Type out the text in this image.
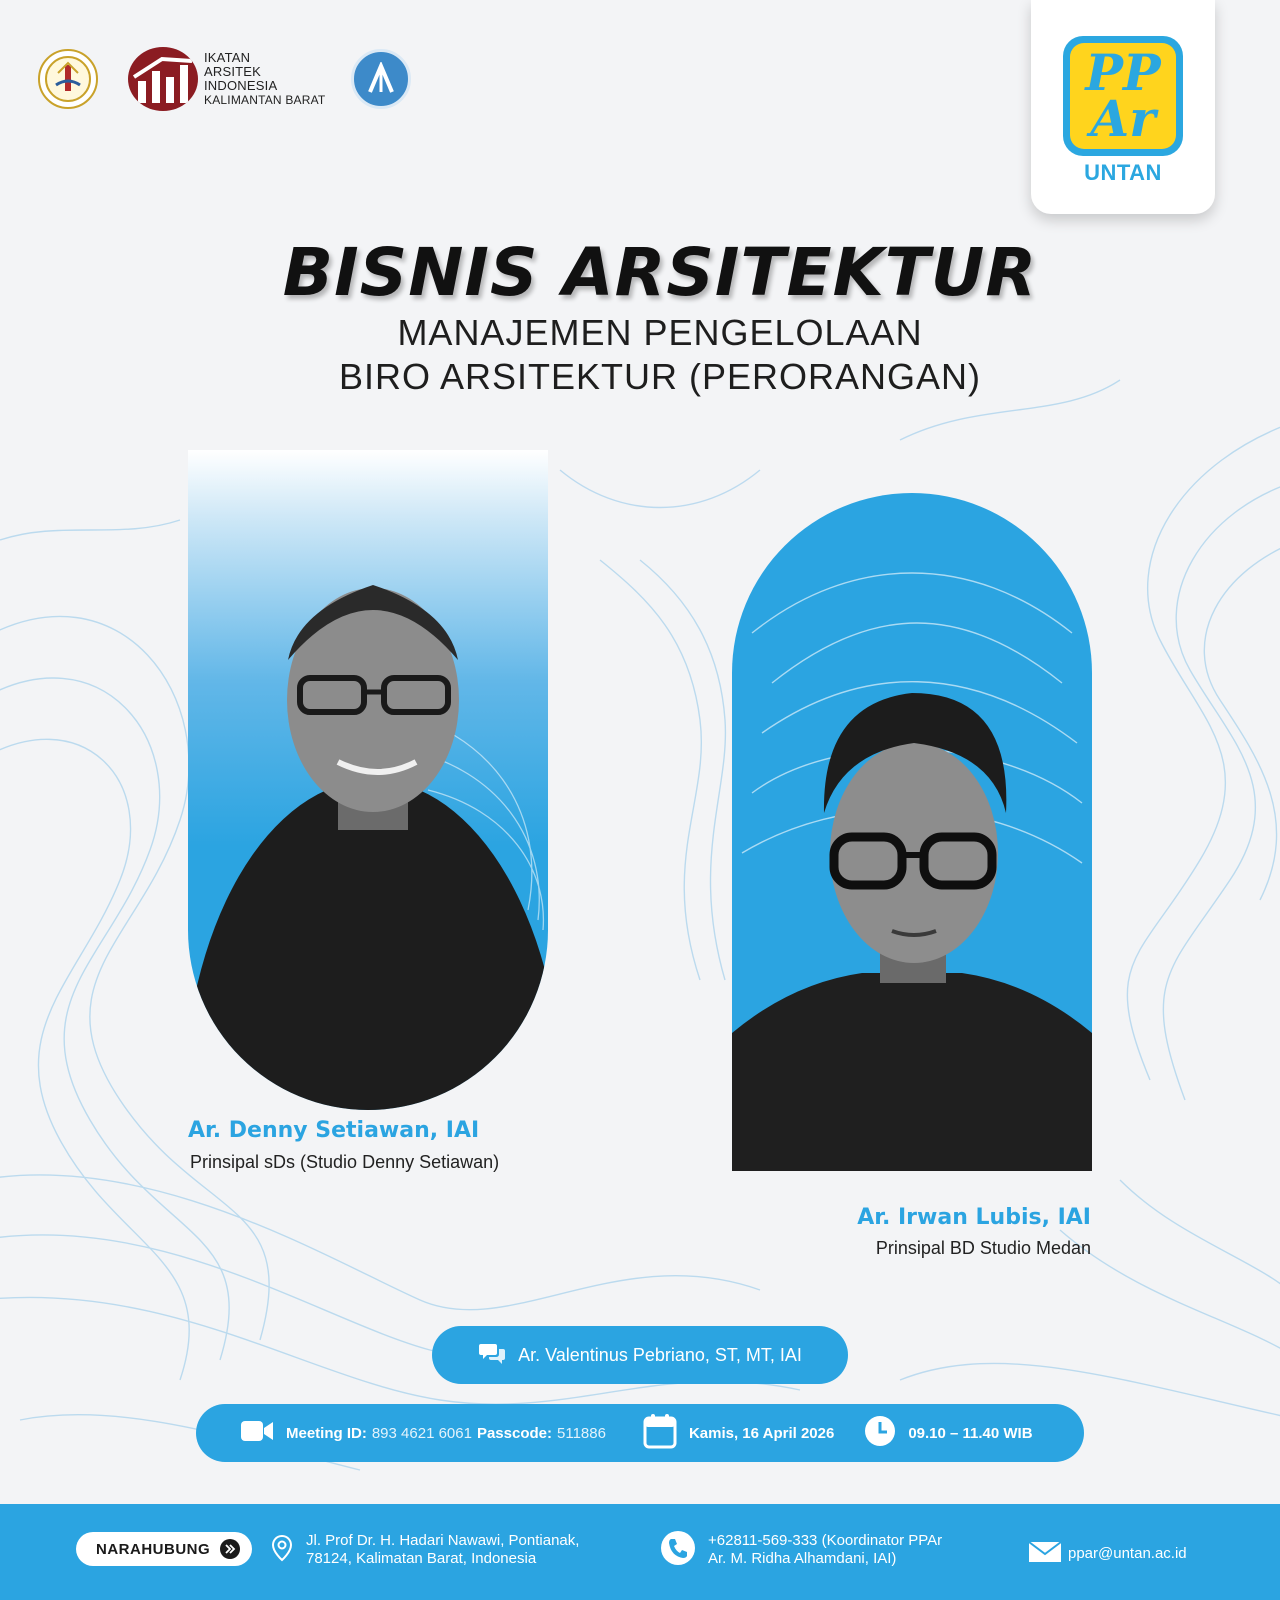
IKATAN
ARSITEK
INDONESIA
KALIMANTAN BARAT	PP
Ar
UNTAN
BISNIS ARSITEKTUR
MANAJEMEN PENGELOLAAN
BIRO ARSITEKTUR (PERORANGAN)
Ar. Denny Setiawan, IAI
Prinsipal sDs (Studio Denny Setiawan)
Ar. Irwan Lubis, IAI
Prinsipal BD Studio Medan
Ar. Valentinus Pebriano, ST, MT, IAI
Meeting ID: 893 4621 6061 Passcode: 511886	Kamis, 16 April 2026	09.10 – 11.40 WIB
NARAHUBUNG	Jl. Prof Dr. H. Hadari Nawawi, Pontianak,
78124, Kalimatan Barat, Indonesia
+62811-569-333 (Koordinator PPAr
Ar. M. Ridha Alhamdani, IAI)	ppar@untan.ac.id
